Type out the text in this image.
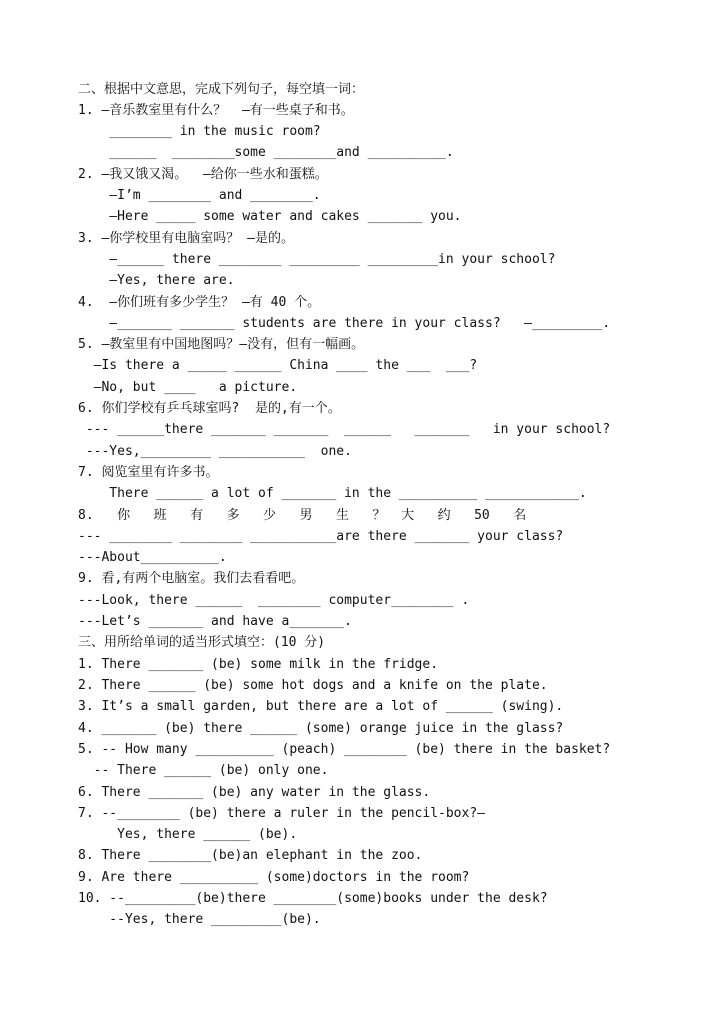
二、根据中文意思，完成下列句子，每空填一词：
1. —音乐教室里有什么？  —有一些桌子和书。
________ in the music room?
______  ________some ________and __________.
2. —我又饿又渴。  —给你一些水和蛋糕。
—I’m ________ and ________.
—Here _____ some water and cakes _______ you.
3. —你学校里有电脑室吗？ —是的。
—______ there ________ _________ _________in your school?
—Yes, there are.
4.  —你们班有多少学生？ —有 40 个。
—_______ _______ students are there in your class?   —_________.
5. —教室里有中国地图吗？—没有，但有一幅画。
—Is there a _____ ______ China ____ the ___  ___?
—No, but ____   a picture.
6. 你们学校有乒乓球室吗?  是的,有一个。
--- ______there _______ _______  ______   _______   in your school?
---Yes,_________ ___________  one.
7. 阅览室里有许多书。
There ______ a lot of _______ in the __________ ____________.
8.   你   班   有   多   少   男   生   ？  大   约   50   名
--- ________ ________ ___________are there _______ your class?
---About__________.
9. 看,有两个电脑室。我们去看看吧。
---Look, there ______  ________ computer________ .
---Let’s _______ and have a_______.
三、用所给单词的适当形式填空：(10 分)
1. There _______ (be) some milk in the fridge.
2. There ______ (be) some hot dogs and a knife on the plate.
3. It’s a small garden, but there are a lot of ______ (swing).
4. _______ (be) there ______ (some) orange juice in the glass?
5. -- How many __________ (peach) ________ (be) there in the basket?
-- There ______ (be) only one.
6. There _______ (be) any water in the glass.
7. --________ (be) there a ruler in the pencil-box?—
Yes, there ______ (be).
8. There ________(be)an elephant in the zoo.
9. Are there __________ (some)doctors in the room?
10. --_________(be)there ________(some)books under the desk?
--Yes, there _________(be).
